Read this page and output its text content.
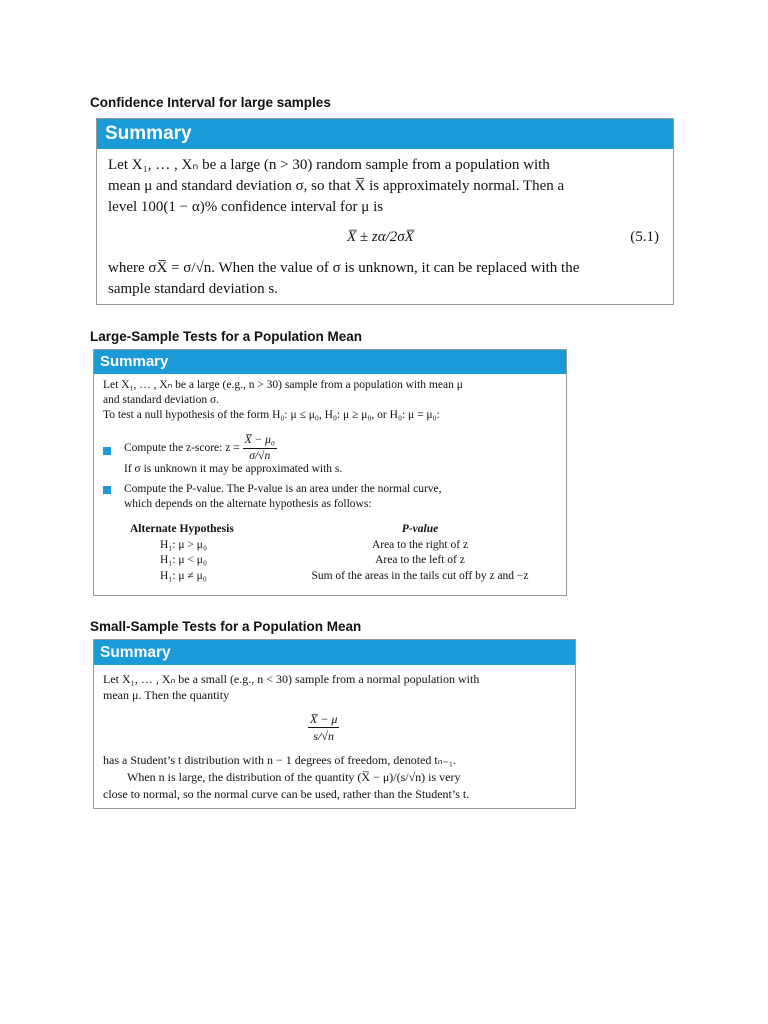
Confidence Interval for large samples
Summary
Let X₁, … , Xₙ be a large (n > 30) random sample from a population with
mean μ and standard deviation σ, so that X̅ is approximately normal. Then a
level 100(1 − α)% confidence interval for μ is
X̅ ± zα/2σX̅	(5.1)
where σX̅ = σ/√n. When the value of σ is unknown, it can be replaced with the
sample standard deviation s.
Large-Sample Tests for a Population Mean
Summary
Let X₁, … , Xₙ be a large (e.g., n > 30) sample from a population with mean μ
and standard deviation σ.
To test a null hypothesis of the form H₀: μ ≤ μ₀, H₀: μ ≥ μ₀, or H₀: μ = μ₀:
Compute the z-score: $z = \frac{\text{X̅ − μ₀}}{\sigma/√n}$
If σ is unknown it may be approximated with s.
Compute the P-value. The P-value is an area under the normal curve,
which depends on the alternate hypothesis as follows:
Alternate Hypothesis	P-value
H₁: μ > μ₀	Area to the right of z
H₁: μ < μ₀	Area to the left of z
H₁: μ ≠ μ₀	Sum of the areas in the tails cut off by z and −z
Small-Sample Tests for a Population Mean
Summary
Let X₁, … , Xₙ be a small (e.g., n < 30) sample from a normal population with
mean μ. Then the quantity
$\frac{X̅ - \mu}{s/√n}$
has a Student’s t distribution with n − 1 degrees of freedom, denoted tₙ₋₁.
When n is large, the distribution of the quantity (X̅ − μ)/(s/√n) is very
close to normal, so the normal curve can be used, rather than the Student’s t.
